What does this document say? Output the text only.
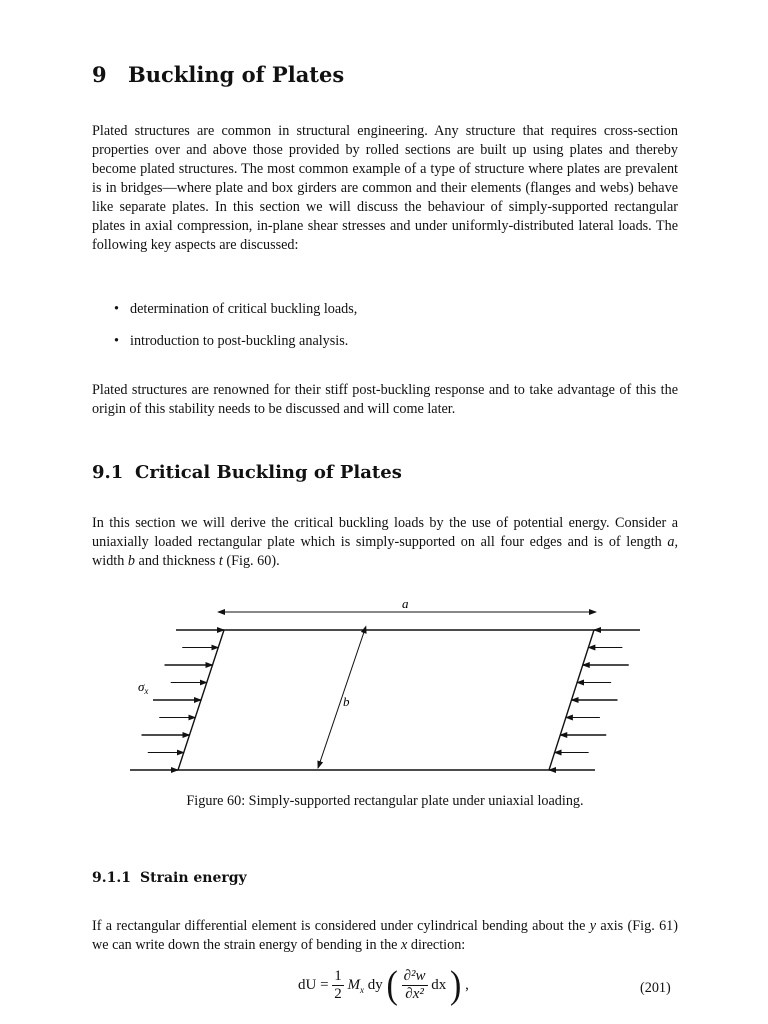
9 Buckling of Plates

Plated structures are common in structural engineering. Any structure that requires cross-section properties over and above those provided by rolled sections are built up using plates and thereby become plated structures. The most common example of a type of structure where plates are prevalent is in bridges—where plate and box girders are common and their elements (flanges and webs) behave like separate plates. In this section we will discuss the behaviour of simply-supported rectangular plates in axial compression, in-plane shear stresses and under uniformly-distributed lateral loads. The following key aspects are discussed:

• determination of critical buckling loads,
• introduction to post-buckling analysis.

Plated structures are renowned for their stiff post-buckling response and to take advantage of this the origin of this stability needs to be discussed and will come later.

9.1 Critical Buckling of Plates

In this section we will derive the critical buckling loads by the use of potential energy. Consider a uniaxially loaded rectangular plate which is simply-supported on all four edges and is of length a, width b and thickness t (Fig. 60).

a
b
$\sigma_x$

Figure 60: Simply-supported rectangular plate under uniaxial loading.

9.1.1 Strain energy

If a rectangular differential element is considered under cylindrical bending about the y axis (Fig. 61) we can write down the strain energy of bending in the x direction:

dU = $\frac{1}{2} M_x$ dy ( $\frac{\text{∂²w}}{\text{∂x²}}$ dx ) ,	(201)
